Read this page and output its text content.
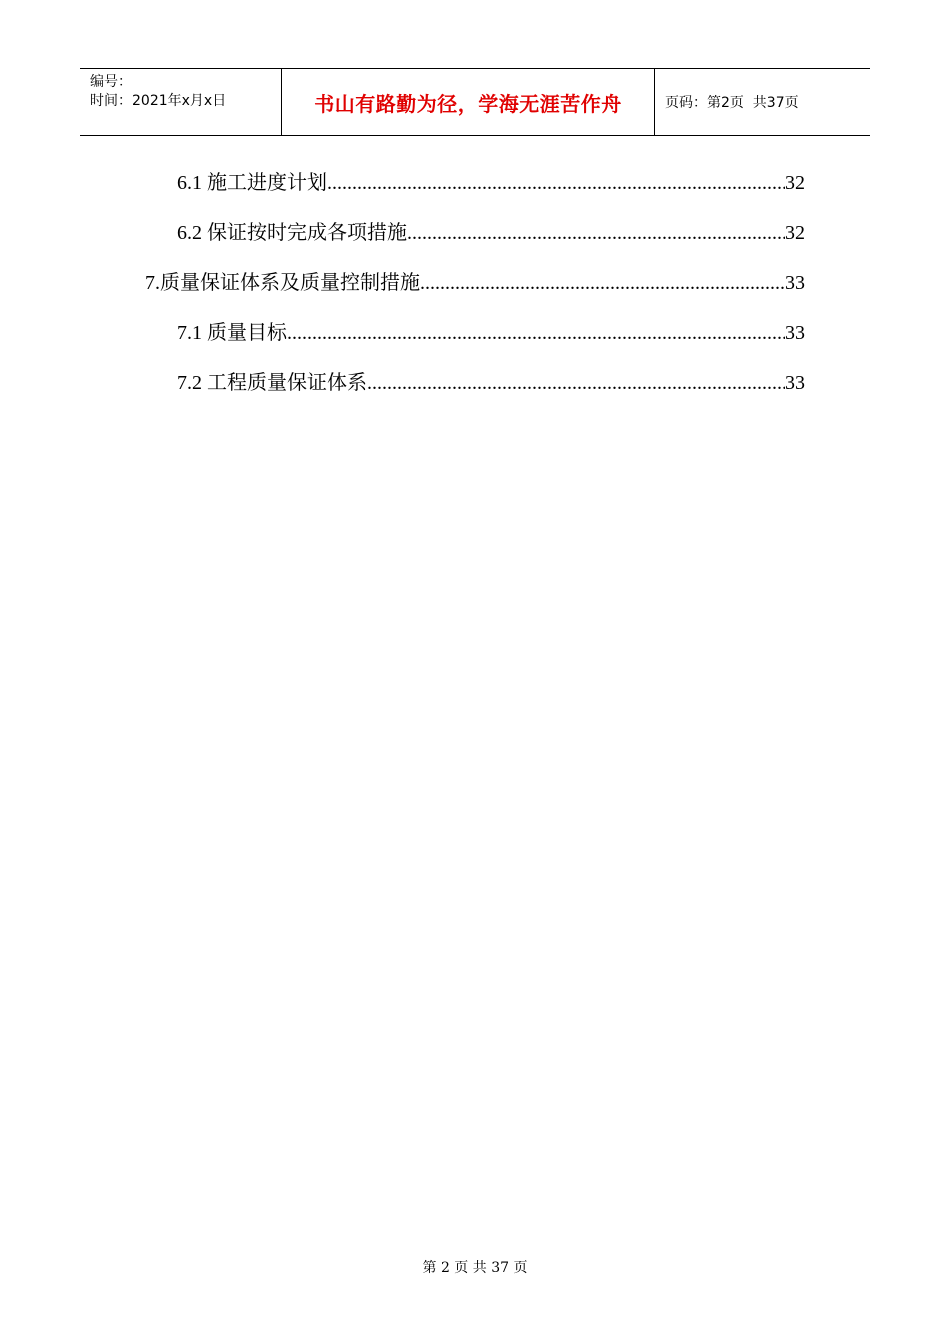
编号：
时间：2021年x月x日	书山有路勤为径，学海无涯苦作舟	页码：第2页  共37页
6.1 施工进度计划 .....	32
6.2 保证按时完成各项措施 .....	32
7.质量保证体系及质量控制措施 .....	33
7.1 质量目标 .....	33
7.2 工程质量保证体系 .....	33
第 2 页 共 37 页
